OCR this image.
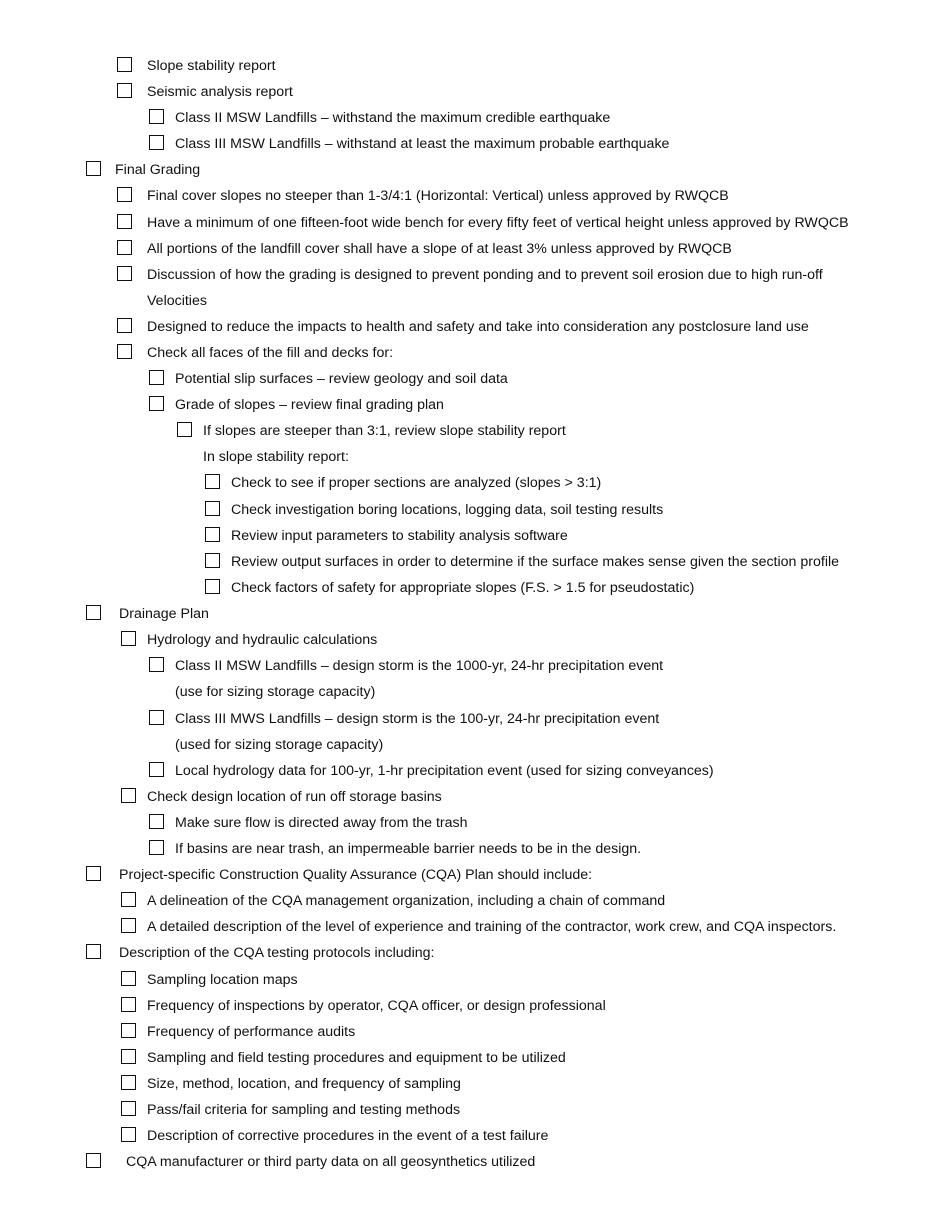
Slope stability report
Seismic analysis report
Class II MSW Landfills – withstand the maximum credible earthquake
Class III MSW Landfills – withstand at least the maximum probable earthquake
Final Grading
Final cover slopes no steeper than 1-3/4:1 (Horizontal: Vertical) unless approved by RWQCB
Have a minimum of one fifteen-foot wide bench for every fifty feet of vertical height unless approved by RWQCB
All portions of the landfill cover shall have a slope of at least 3% unless approved by RWQCB
Discussion of how the grading is designed to prevent ponding and to prevent soil erosion due to high run-off
Velocities
Designed to reduce the impacts to health and safety and take into consideration any postclosure land use
Check all faces of the fill and decks for:
Potential slip surfaces – review geology and soil data
Grade of slopes – review final grading plan
If slopes are steeper than 3:1, review slope stability report
In slope stability report:
Check to see if proper sections are analyzed (slopes > 3:1)
Check investigation boring locations, logging data, soil testing results
Review input parameters to stability analysis software
Review output surfaces in order to determine if the surface makes sense given the section profile
Check factors of safety for appropriate slopes (F.S. > 1.5 for pseudostatic)
Drainage Plan
Hydrology and hydraulic calculations
Class II MSW Landfills – design storm is the 1000-yr, 24-hr precipitation event
(use for sizing storage capacity)
Class III MWS Landfills – design storm is the 100-yr, 24-hr precipitation event
(used for sizing storage capacity)
Local hydrology data for 100-yr, 1-hr precipitation event (used for sizing conveyances)
Check design location of run off storage basins
Make sure flow is directed away from the trash
If basins are near trash, an impermeable barrier needs to be in the design.
Project-specific Construction Quality Assurance (CQA) Plan should include:
A delineation of the CQA management organization, including a chain of command
A detailed description of the level of experience and training of the contractor, work crew, and CQA inspectors.
Description of the CQA testing protocols including:
Sampling location maps
Frequency of inspections by operator, CQA officer, or design professional
Frequency of performance audits
Sampling and field testing procedures and equipment to be utilized
Size, method, location, and frequency of sampling
Pass/fail criteria for sampling and testing methods
Description of corrective procedures in the event of a test failure
CQA manufacturer or third party data on all geosynthetics utilized
